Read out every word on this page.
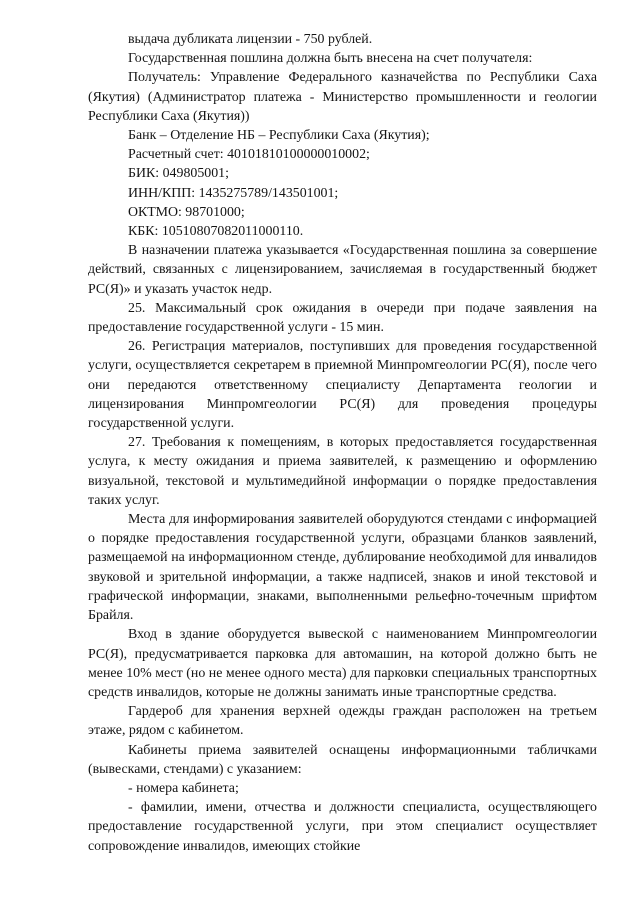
выдача дубликата лицензии - 750 рублей.

Государственная пошлина должна быть внесена на счет получателя:

Получатель: Управление Федерального казначейства по Республики Саха (Якутия) (Администратор платежа - Министерство промышленности и геологии Республики Саха (Якутия))

Банк – Отделение НБ – Республики Саха (Якутия);

Расчетный счет: 40101810100000010002;

БИК: 049805001;

ИНН/КПП: 1435275789/143501001;

ОКТМО: 98701000;

КБК: 10510807082011000110.

В назначении платежа указывается «Государственная пошлина за совершение действий, связанных с лицензированием, зачисляемая в государственный бюджет РС(Я)» и указать участок недр.

25. Максимальный срок ожидания в очереди при подаче заявления на предоставление государственной услуги - 15 мин.

26. Регистрация материалов, поступивших для проведения государственной услуги, осуществляется секретарем в приемной Минпромгеологии РС(Я), после чего они передаются ответственному специалисту Департамента геологии и лицензирования Минпромгеологии РС(Я) для проведения процедуры государственной услуги.

27. Требования к помещениям, в которых предоставляется государственная услуга, к месту ожидания и приема заявителей, к размещению и оформлению визуальной, текстовой и мультимедийной информации о порядке предоставления таких услуг.

Места для информирования заявителей оборудуются стендами с информацией о порядке предоставления государственной услуги, образцами бланков заявлений, размещаемой на информационном стенде, дублирование необходимой для инвалидов звуковой и зрительной информации, а также надписей, знаков и иной текстовой и графической информации, знаками, выполненными рельефно-точечным шрифтом Брайля.

Вход в здание оборудуется вывеской с наименованием Минпромгеологии РС(Я), предусматривается парковка для автомашин, на которой должно быть не менее 10% мест (но не менее одного места) для парковки специальных транспортных средств инвалидов, которые не должны занимать иные транспортные средства.

Гардероб для хранения верхней одежды граждан расположен на третьем этаже, рядом с кабинетом.

Кабинеты приема заявителей оснащены информационными табличками (вывесками, стендами) с указанием:

- номера кабинета;

- фамилии, имени, отчества и должности специалиста, осуществляющего предоставление государственной услуги, при этом специалист осуществляет сопровождение инвалидов, имеющих стойкие
